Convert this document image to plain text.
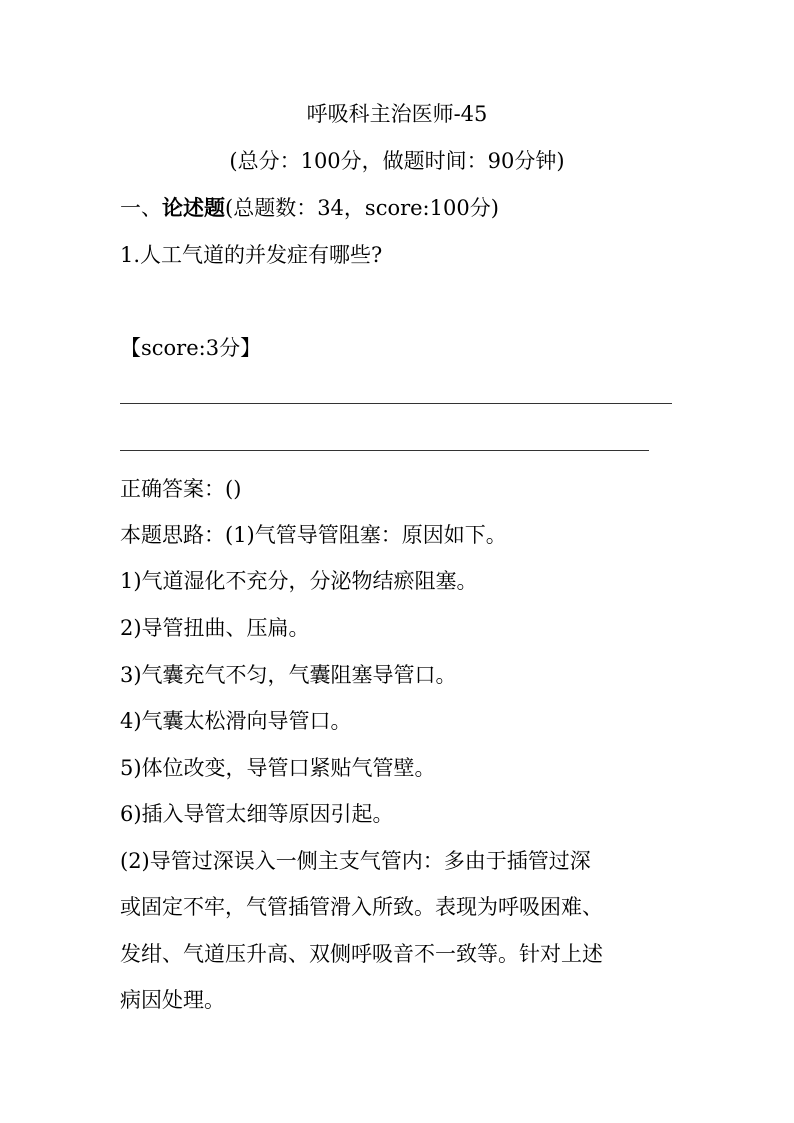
呼吸科主治医师-45
(总分：100分，做题时间：90分钟)
一、论述题(总题数：34，score:100分)
1.人工气道的并发症有哪些?
【score:3分】
正确答案：()
本题思路：(1)气管导管阻塞：原因如下。
1)气道湿化不充分，分泌物结瘀阻塞。
2)导管扭曲、压扁。
3)气囊充气不匀，气囊阻塞导管口。
4)气囊太松滑向导管口。
5)体位改变，导管口紧贴气管壁。
6)插入导管太细等原因引起。
(2)导管过深误入一侧主支气管内：多由于插管过深
或固定不牢，气管插管滑入所致。表现为呼吸困难、
发绀、气道压升高、双侧呼吸音不一致等。针对上述
病因处理。
